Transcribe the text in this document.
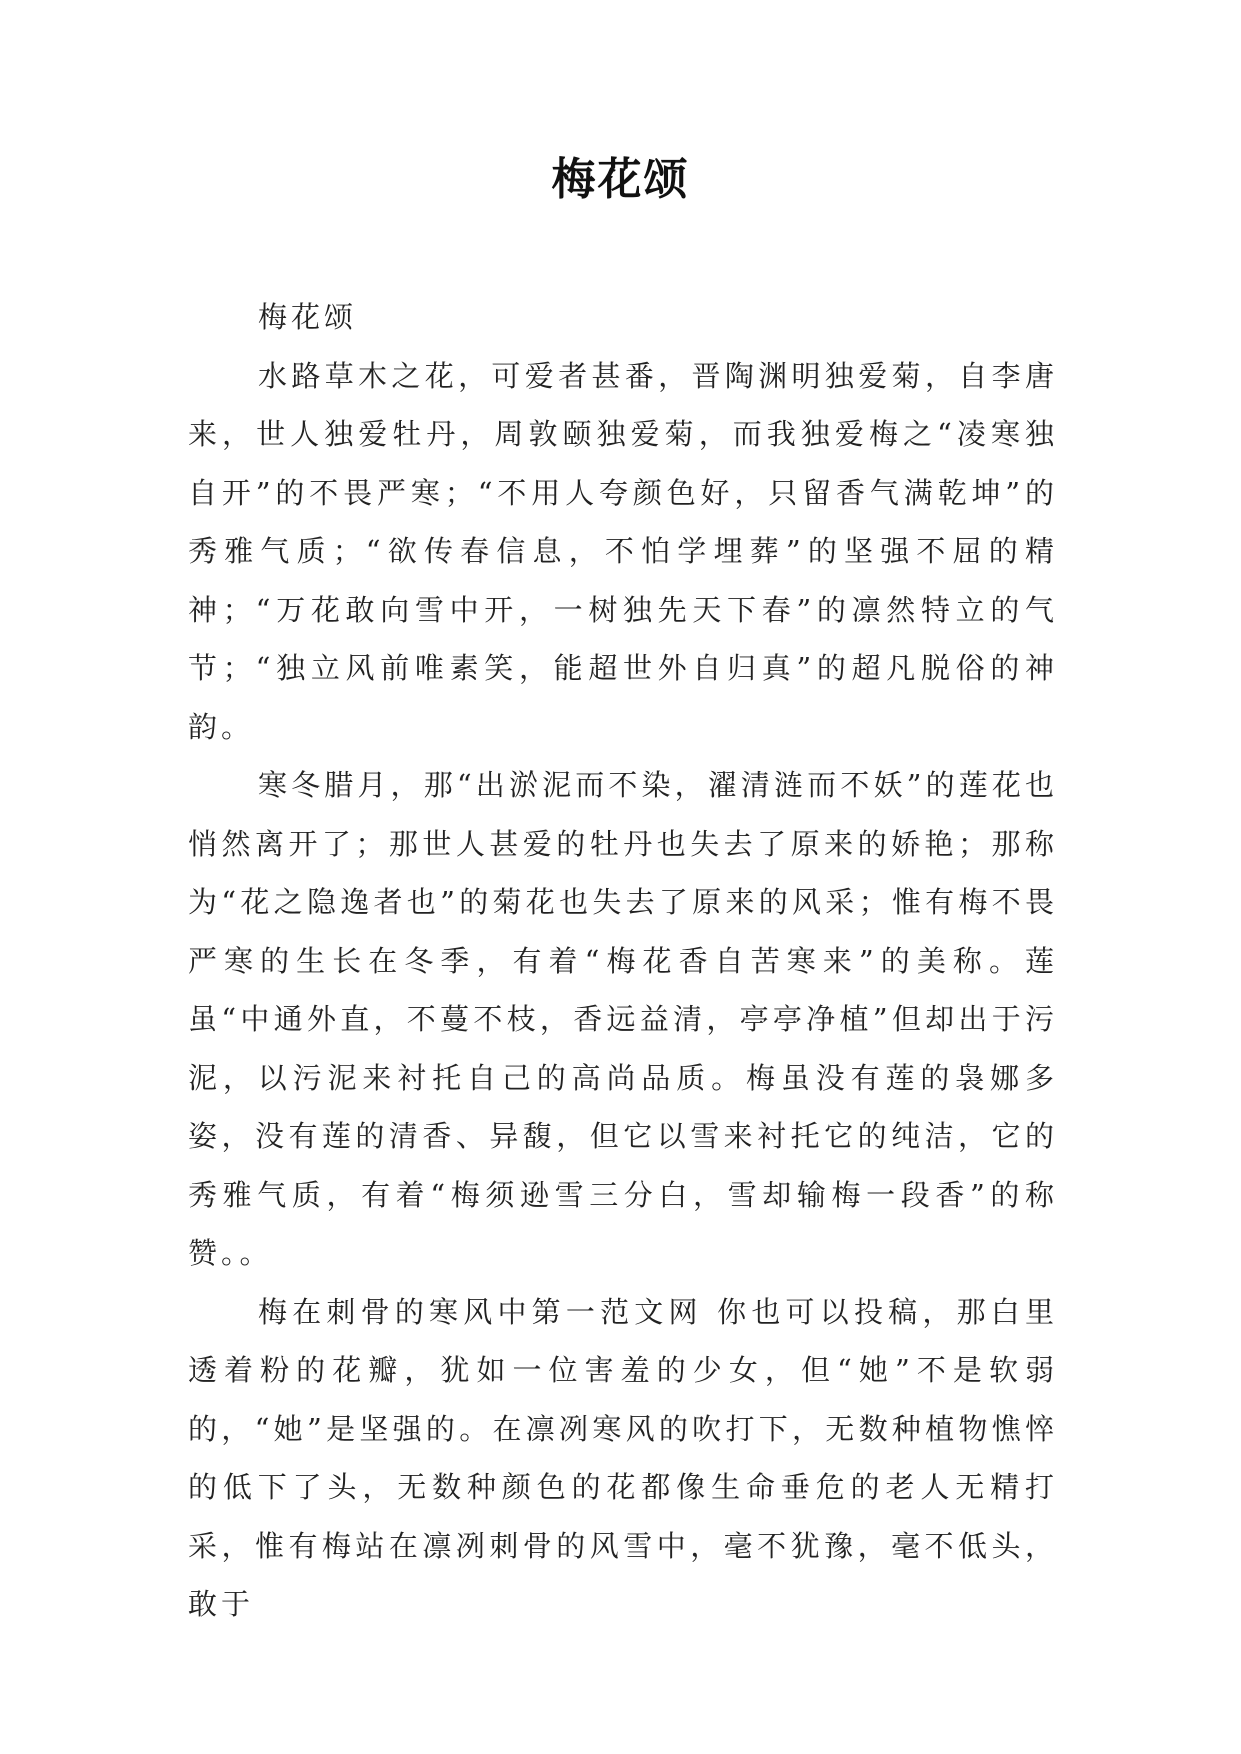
梅花颂

梅花颂

水路草木之花，可爱者甚番，晋陶渊明独爱菊，自李唐来，世人独爱牡丹，周敦颐独爱菊，而我独爱梅之“凌寒独自开”的不畏严寒；“不用人夸颜色好，只留香气满乾坤”的秀雅气质；“欲传春信息，不怕学埋葬”的坚强不屈的精神；“万花敢向雪中开，一树独先天下春”的凛然特立的气节；“独立风前唯素笑，能超世外自归真”的超凡脱俗的神韵。

寒冬腊月，那“出淤泥而不染，濯清涟而不妖”的莲花也悄然离开了；那世人甚爱的牡丹也失去了原来的娇艳；那称为“花之隐逸者也”的菊花也失去了原来的风采；惟有梅不畏严寒的生长在冬季，有着“梅花香自苦寒来”的美称。莲虽“中通外直，不蔓不枝，香远益清，亭亭净植”但却出于污泥，以污泥来衬托自己的高尚品质。梅虽没有莲的袅娜多姿，没有莲的清香、异馥，但它以雪来衬托它的纯洁，它的秀雅气质，有着“梅须逊雪三分白，雪却输梅一段香”的称赞。。

梅在刺骨的寒风中第一范文网 你也可以投稿，那白里透着粉的花瓣，犹如一位害羞的少女，但“她”不是软弱的，“她”是坚强的。在凛冽寒风的吹打下，无数种植物憔悴的低下了头，无数种颜色的花都像生命垂危的老人无精打采，惟有梅站在凛冽刺骨的风雪中，毫不犹豫，毫不低头，敢于
